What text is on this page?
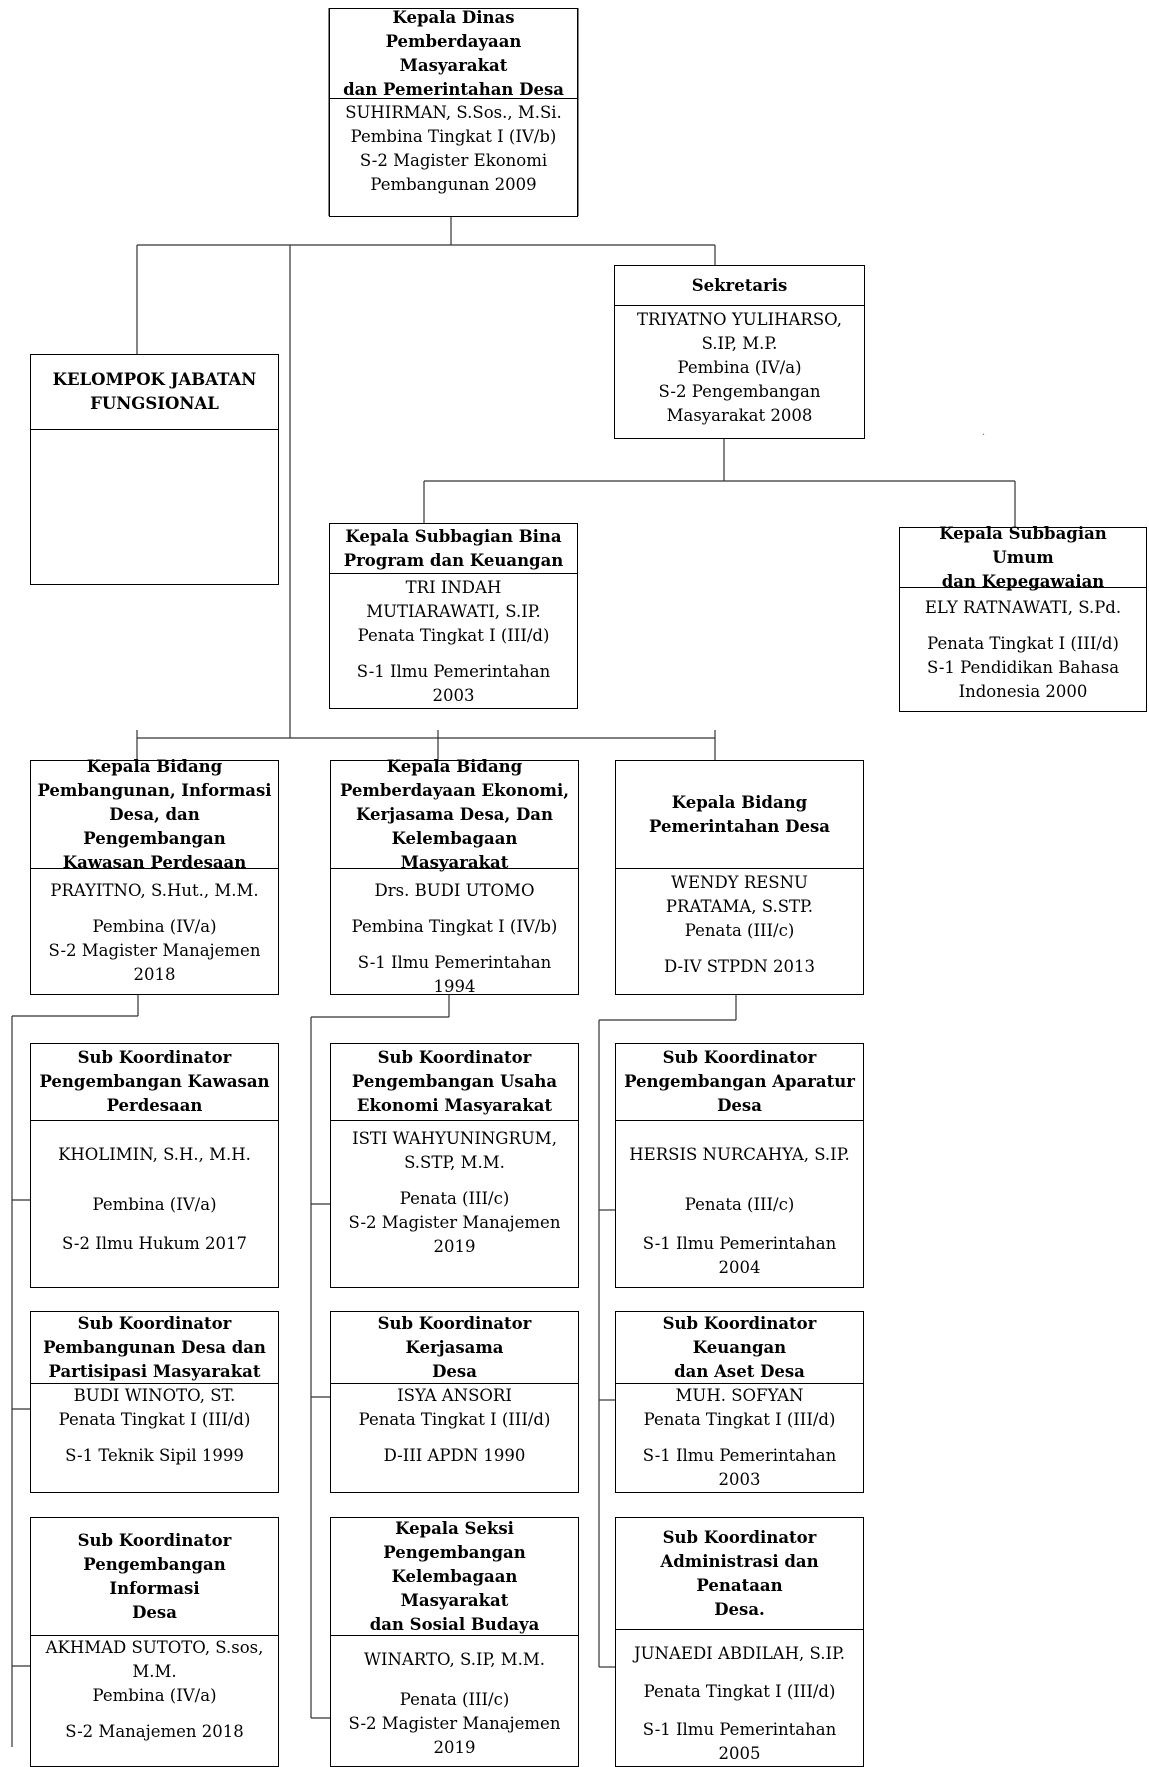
Kepala Dinas
Pemberdayaan Masyarakat
dan Pemerintahan Desa
SUHIRMAN, S.Sos., M.Si.
Pembina Tingkat I (IV/b)
S-2 Magister Ekonomi
Pembangunan 2009
KELOMPOK JABATAN
FUNGSIONAL
Sekretaris
TRIYATNO YULIHARSO,
S.IP, M.P.
Pembina (IV/a)
S-2 Pengembangan
Masyarakat 2008
Kepala Subbagian Bina
Program dan Keuangan
TRI INDAH
MUTIARAWATI, S.IP.
Penata Tingkat I (III/d)
S-1 Ilmu Pemerintahan 2003
Kepala Subbagian Umum
dan Kepegawaian
ELY RATNAWATI, S.Pd.
Penata Tingkat I (III/d)
S-1 Pendidikan Bahasa
Indonesia 2000
Kepala Bidang
Pembangunan, Informasi
Desa, dan Pengembangan
Kawasan Perdesaan
PRAYITNO, S.Hut., M.M.
Pembina (IV/a)
S-2 Magister Manajemen
2018
Kepala Bidang
Pemberdayaan Ekonomi,
Kerjasama Desa, Dan
Kelembagaan Masyarakat
Drs. BUDI UTOMO
Pembina Tingkat I (IV/b)
S-1 Ilmu Pemerintahan 1994
Kepala Bidang
Pemerintahan Desa
WENDY RESNU
PRATAMA, S.STP.
Penata (III/c)
D-IV STPDN 2013
Sub Koordinator
Pengembangan Kawasan
Perdesaan
KHOLIMIN, S.H., M.H.
Pembina (IV/a)
S-2 Ilmu Hukum 2017
Sub Koordinator
Pembangunan Desa dan
Partisipasi Masyarakat
BUDI WINOTO, ST.
Penata Tingkat I (III/d)
S-1 Teknik Sipil 1999
Sub Koordinator
Pengembangan Informasi
Desa
AKHMAD SUTOTO, S.sos,
M.M.
Pembina (IV/a)
S-2 Manajemen 2018
Sub Koordinator
Pengembangan Usaha
Ekonomi Masyarakat
ISTI WAHYUNINGRUM,
S.STP, M.M.
Penata (III/c)
S-2 Magister Manajemen
2019
Sub Koordinator Kerjasama
Desa
ISYA ANSORI
Penata Tingkat I (III/d)
D-III APDN 1990
Kepala Seksi
Pengembangan
Kelembagaan Masyarakat
dan Sosial Budaya
WINARTO, S.IP, M.M.
Penata (III/c)
S-2 Magister Manajemen
2019
Sub Koordinator
Pengembangan Aparatur
Desa
HERSIS NURCAHYA, S.IP.
Penata (III/c)
S-1 Ilmu Pemerintahan 2004
Sub Koordinator Keuangan
dan Aset Desa
MUH. SOFYAN
Penata Tingkat I (III/d)
S-1 Ilmu Pemerintahan 2003
Sub Koordinator
Administrasi dan Penataan
Desa.
JUNAEDI ABDILAH, S.IP.
Penata Tingkat I (III/d)
S-1 Ilmu Pemerintahan 2005
·
